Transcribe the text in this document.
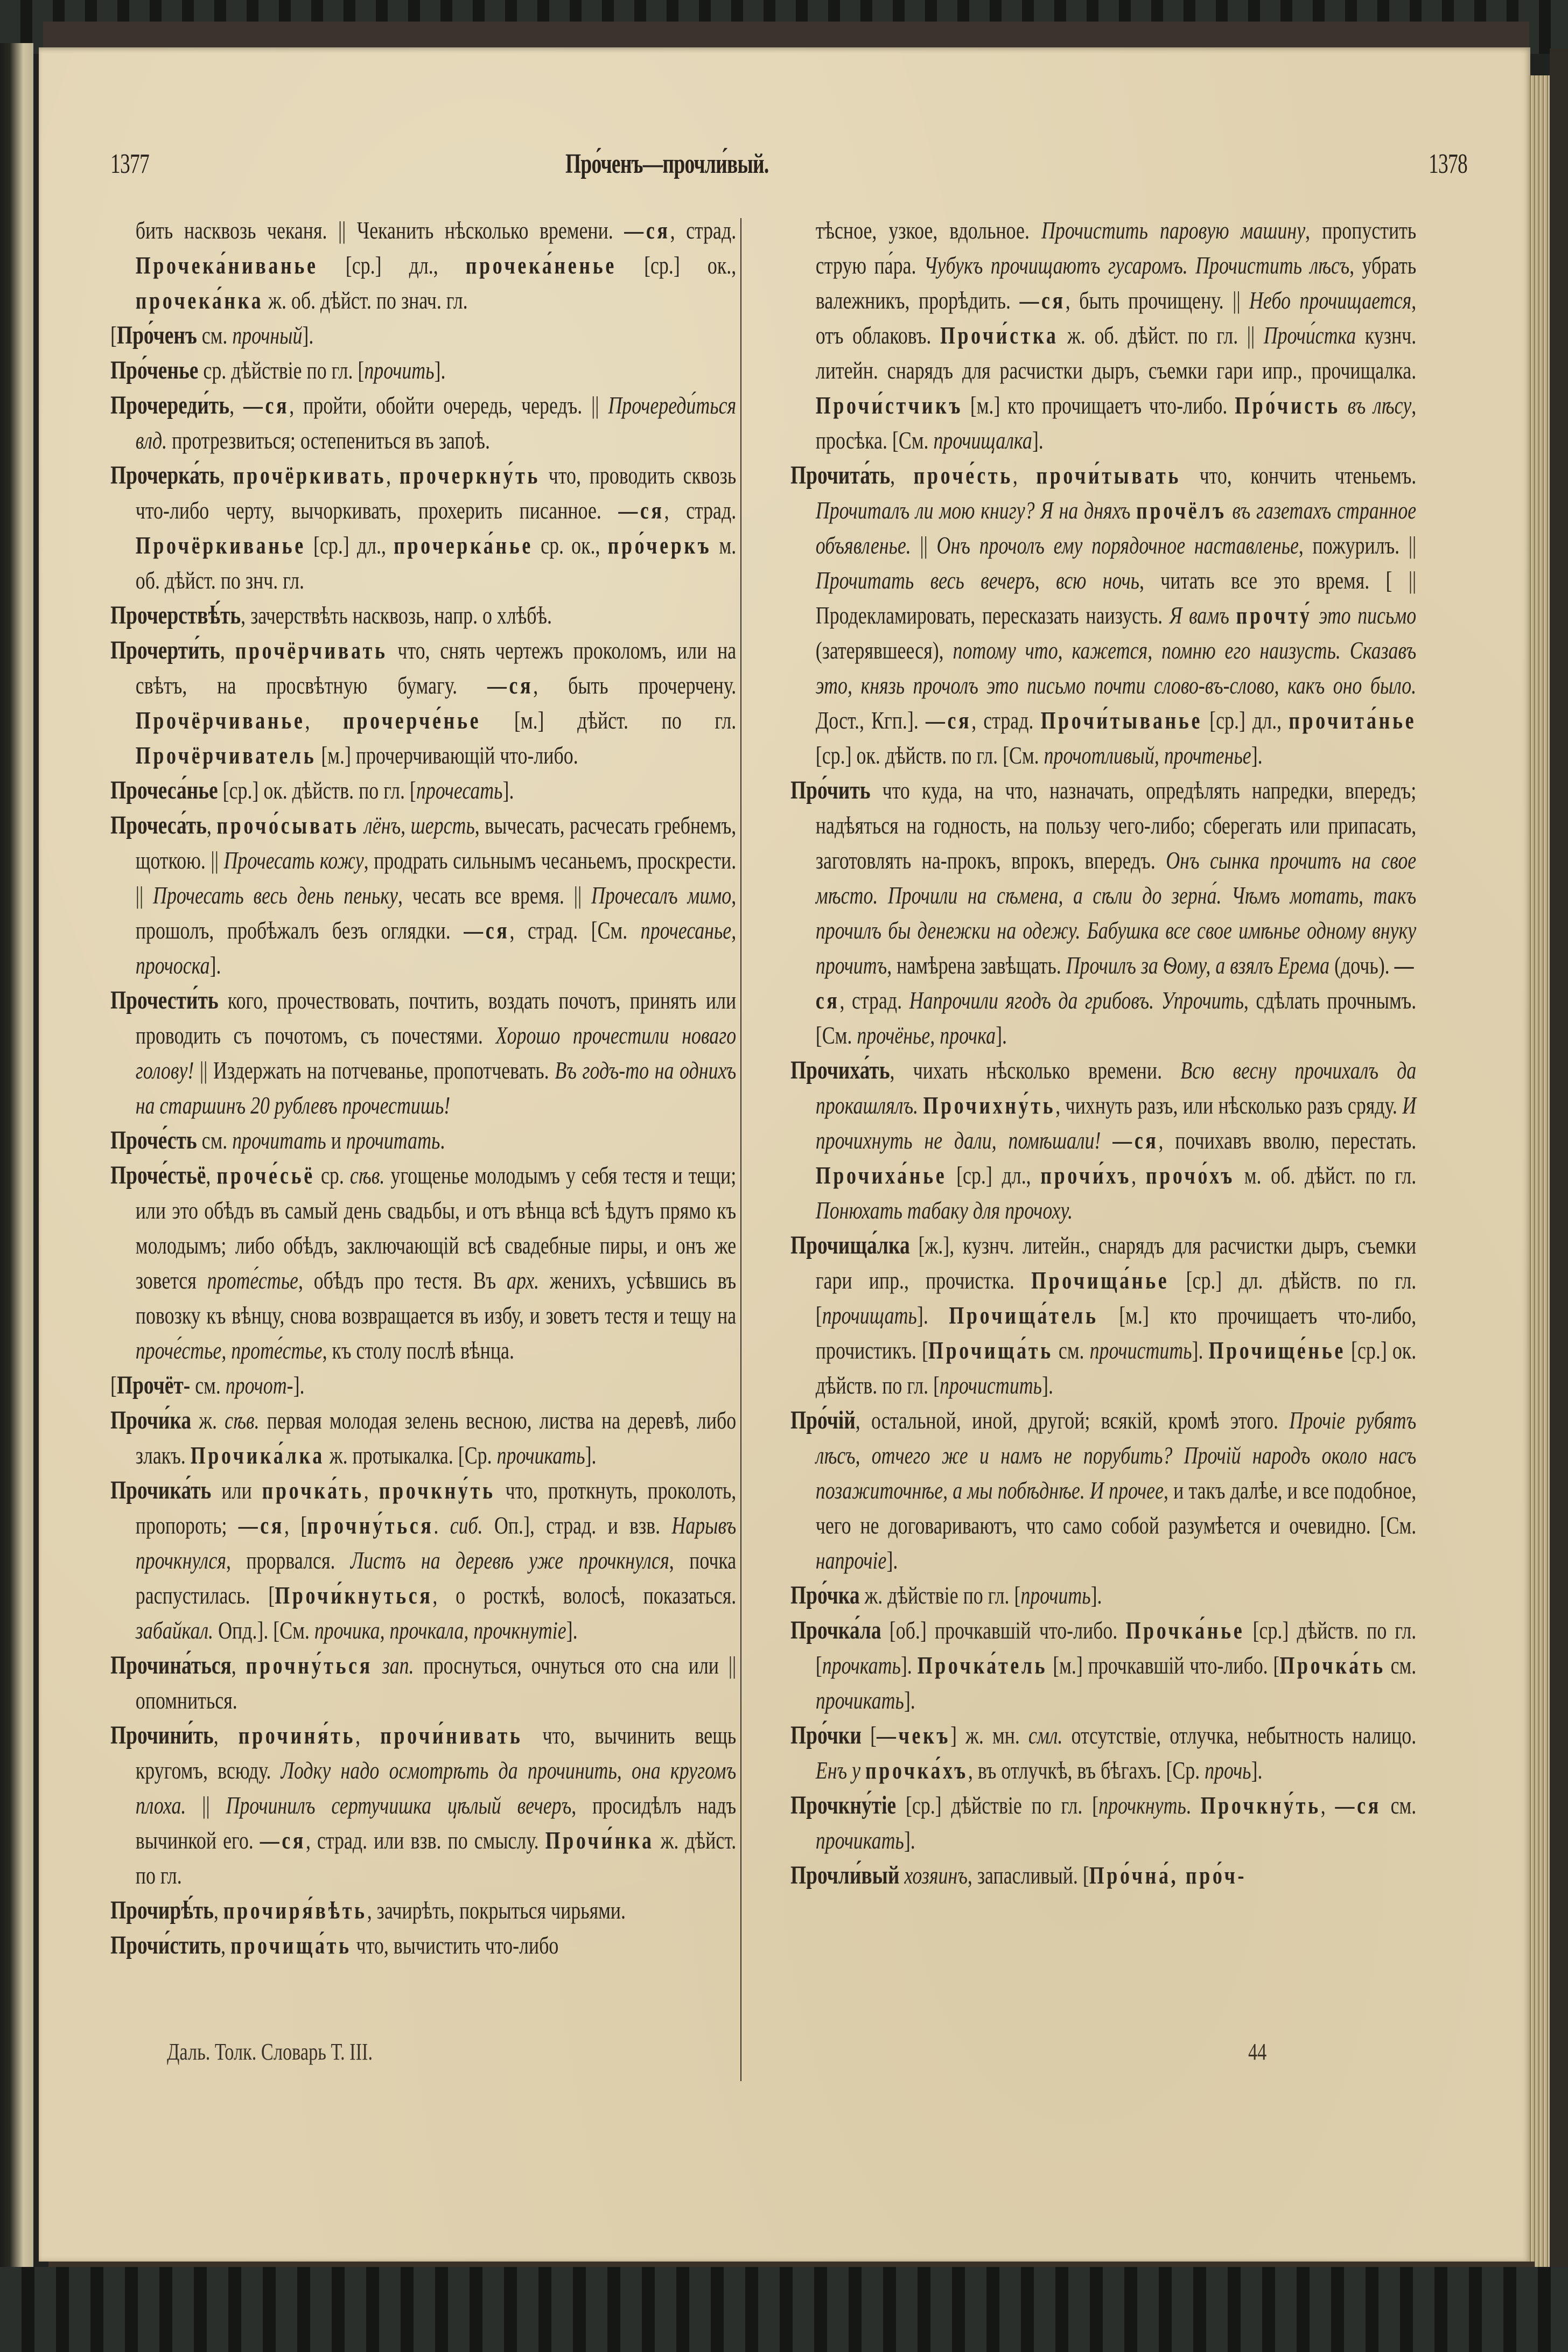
1377	Про́ченъ—прочли́вый.	1378

бить насквозь чеканя. || Чеканить нѣсколько времени. —ся, страд. Прочека́ниванье [ср.] дл., прочека́ненье [ср.] ок., прочека́нка ж. об. дѣйст. по знач. гл.

[Про́ченъ см. прочный].

Про́ченье ср. дѣйствіе по гл. [прочить].

Прочереди́ть, —ся, пройти, обойти очередь, чередъ. || Прочереди́ться влд. протрезвиться; остепениться въ запоѣ.

Прочерка́ть, прочёркивать, прочеркну́ть что, проводить сквозь что-либо черту, вычоркивать, прохерить писанное. —ся, страд. Прочёркиванье [ср.] дл., прочерка́нье ср. ок., про́черкъ м. об. дѣйст. по знч. гл.

Прочерствѣ́ть, зачерствѣть насквозь, напр. о хлѣбѣ.

Прочерти́ть, прочёрчивать что, снять чертежъ проколомъ, или на свѣтъ, на просвѣтную бумагу. —ся, быть прочерчену. Прочёрчиванье, прочерче́нье [м.] дѣйст. по гл. Прочёрчиватель [м.] прочерчивающій что-либо.

Прочеса́нье [ср.] ок. дѣйств. по гл. [прочесать].

Прочеса́ть, прочо́сывать лёнъ, шерсть, вычесать, расчесать гребнемъ, щоткою. || Прочесать кожу, продрать сильнымъ чесаньемъ, проскрести. || Прочесать весь день пеньку, чесать все время. || Прочесалъ мимо, прошолъ, пробѣжалъ безъ оглядки. —ся, страд. [См. прочесанье, прочоска].

Прочести́ть кого, прочествовать, почтить, воздать почотъ, принять или проводить съ почотомъ, съ почестями. Хорошо прочестили новаго голову! || Издержать на потчеванье, пропотчевать. Въ годъ-то на однихъ на старшинъ 20 рублевъ прочестишь!

Проче́сть см. прочитать и прочитать.

Проче́стьё, проче́сьё ср. сѣв. угощенье молодымъ у себя тестя и тещи; или это обѣдъ въ самый день свадьбы, и отъ вѣнца всѣ ѣдутъ прямо къ молодымъ; либо обѣдъ, заключающій всѣ свадебные пиры, и онъ же зовется проте́стье, обѣдъ про тестя. Въ арх. женихъ, усѣвшись въ повозку къ вѣнцу, снова возвращается въ избу, и зоветъ тестя и тещу на проче́стье, проте́стье, къ столу послѣ вѣнца.

[Прочёт- см. прочот-].

Прочи́ка ж. сѣв. первая молодая зелень весною, листва на деревѣ, либо злакъ. Прочика́лка ж. протыкалка. [Ср. прочикать].

Прочика́ть или прочка́ть, прочкну́ть что, проткнуть, проколоть, пропороть; —ся, [прочну́ться. сиб. Оп.], страд. и взв. Нарывъ прочкнулся, прорвался. Листъ на деревѣ уже прочкнулся, почка распустилась. [Прочи́кнуться, о росткѣ, волосѣ, показаться. забайкал. Опд.]. [См. прочика, прочкала, прочкнутіе].

Прочина́ться, прочну́ться зап. проснуться, очнуться ото сна или || опомниться.

Прочини́ть, прочиня́ть, прочи́нивать что, вычинить вещь кругомъ, всюду. Лодку надо осмотрѣть да прочинить, она кругомъ плоха. || Прочинилъ сертучишка цѣлый вечеръ, просидѣлъ надъ вычинкой его. —ся, страд. или взв. по смыслу. Прочи́нка ж. дѣйст. по гл.

Прочирѣ́ть, прочиря́вѣть, зачирѣть, покрыться чирьями.

Прочи́стить, прочища́ть что, вычистить что-либо

тѣсное, узкое, вдольное. Прочистить паровую машину, пропустить струю па́ра. Чубукъ прочищаютъ гусаромъ. Прочистить лѣсъ, убрать валежникъ, прорѣдить. —ся, быть прочищену. || Небо прочищается, отъ облаковъ. Прочи́стка ж. об. дѣйст. по гл. || Прочи́стка кузнч. литейн. снарядъ для расчистки дыръ, съемки гари ипр., прочищалка. Прочи́стчикъ [м.] кто прочищаетъ что-либо. Про́чисть въ лѣсу, просѣка. [См. прочищалка].

Прочита́ть, проче́сть, прочи́тывать что, кончить чтеньемъ. Прочиталъ ли мою книгу? Я на дняхъ прочёлъ въ газетахъ странное объявленье. || Онъ прочолъ ему порядочное наставленье, пожурилъ. || Прочитать весь вечеръ, всю ночь, читать все это время. [ || Продекламировать, пересказать наизусть. Я вамъ прочту́ это письмо (затерявшееся), потому что, кажется, помню его наизусть. Сказавъ это, князь прочолъ это письмо почти слово-въ-слово, какъ оно было. Дост., Кгп.]. —ся, страд. Прочи́тыванье [ср.] дл., прочита́нье [ср.] ок. дѣйств. по гл. [См. прочотливый, прочтенье].

Про́чить что куда, на что, назначать, опредѣлять напредки, впередъ; надѣяться на годность, на пользу чего-либо; сберегать или припасать, заготовлять на-прокъ, впрокъ, впередъ. Онъ сынка прочитъ на свое мѣсто. Прочили на сѣмена, а сѣли до зерна́. Чѣмъ мотать, такъ прочилъ бы денежки на одежу. Бабушка все свое имѣнье одному внуку прочитъ, намѣрена завѣщать. Прочилъ за Ѳому, а взялъ Ерема (дочь). —ся, страд. Напрочили ягодъ да грибовъ. Упрочить, сдѣлать прочнымъ. [См. прочёнье, прочка].

Прочиха́ть, чихать нѣсколько времени. Всю весну прочихалъ да прокашлялъ. Прочихну́ть, чихнуть разъ, или нѣсколько разъ сряду. И прочихнуть не дали, помѣшали! —ся, почихавъ вволю, перестать. Прочиха́нье [ср.] дл., прочи́хъ, прочо́хъ м. об. дѣйст. по гл. Понюхать табаку для прочоху.

Прочища́лка [ж.], кузнч. литейн., снарядъ для расчистки дыръ, съемки гари ипр., прочистка. Прочища́нье [ср.] дл. дѣйств. по гл. [прочищать]. Прочища́тель [м.] кто прочищаетъ что-либо, прочистикъ. [Прочища́ть см. прочистить]. Прочище́нье [ср.] ок. дѣйств. по гл. [прочистить].

Про́чій, остальной, иной, другой; всякій, кромѣ этого. Прочіе рубятъ лѣсъ, отчего же и намъ не порубить? Прочій народъ около насъ позажиточнѣе, а мы побѣднѣе. И прочее, и такъ далѣе, и все подобное, чего не договариваютъ, что само собой разумѣется и очевидно. [См. напрочіе].

Про́чка ж. дѣйствіе по гл. [прочить].

Прочка́ла [об.] прочкавшій что-либо. Прочка́нье [ср.] дѣйств. по гл. [прочкать]. Прочка́тель [м.] прочкавшій что-либо. [Прочка́ть см. прочикать].

Про́чки [—чекъ] ж. мн. смл. отсутствіе, отлучка, небытность налицо. Енъ у прочка́хъ, въ отлучкѣ, въ бѣгахъ. [Ср. прочь].

Прочкну́тіе [ср.] дѣйствіе по гл. [прочкнуть. Прочкну́ть, —ся см. прочикать].

Прочли́вый хозяинъ, запасливый. [Про́чна́, про́ч-

Даль. Толк. Словарь Т. III.	44
